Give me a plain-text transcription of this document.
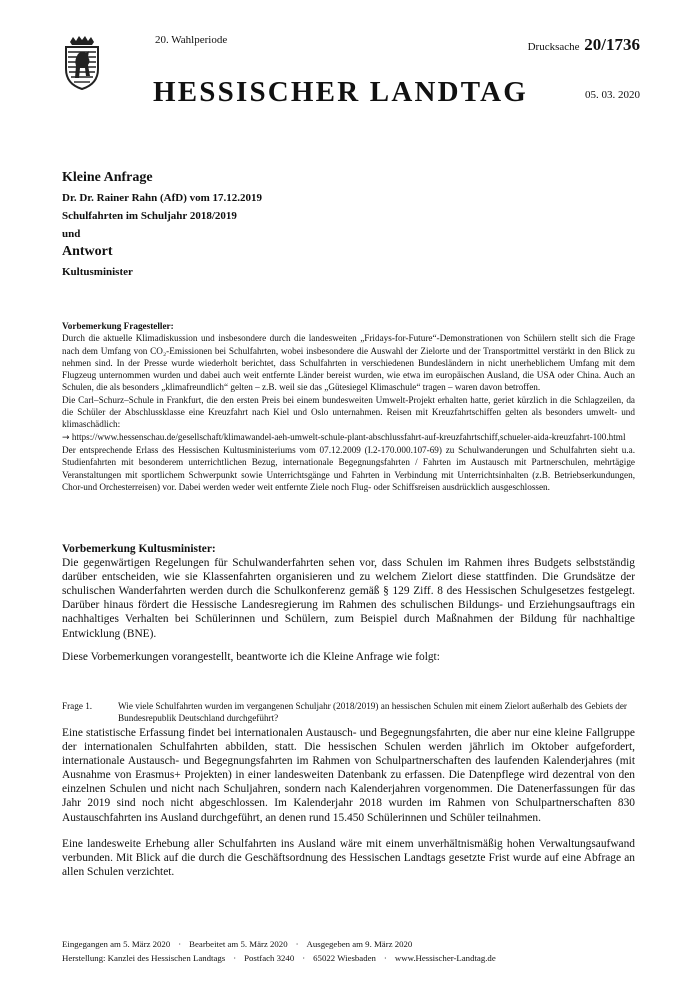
20. Wahlperiode
HESSISCHER LANDTAG
Drucksache 20/1736
05. 03. 2020
Kleine Anfrage
Dr. Dr. Rainer Rahn (AfD) vom 17.12.2019
Schulfahrten im Schuljahr 2018/2019
und
Antwort
Kultusminister

Vorbemerkung Fragesteller:

Durch die aktuelle Klimadiskussion und insbesondere durch die landesweiten „Fridays-for-Future“-Demonstrationen von Schülern stellt sich die Frage nach dem Umfang von CO₂-Emissionen bei Schulfahrten, wobei insbesondere die Auswahl der Zielorte und der Transportmittel verstärkt in den Blick zu nehmen sind. In der Presse wurde wiederholt berichtet, dass Schulfahrten in verschiedenen Bundesländern in nicht unerheblichem Umfang mit dem Flugzeug unternommen wurden und dabei auch weit entfernte Länder bereist wurden, wie etwa im europäischen Ausland, die USA oder China. Auch an Schulen, die als besonders „klimafreundlich“ gelten – z.B. weil sie das „Gütesiegel Klimaschule“ tragen – waren davon betroffen.

Die Carl–Schurz–Schule in Frankfurt, die den ersten Preis bei einem bundesweiten Umwelt-Projekt erhalten hatte, geriet kürzlich in die Schlagzeilen, da die Schüler der Abschlussklasse eine Kreuzfahrt nach Kiel und Oslo unternahmen. Reisen mit Kreuzfahrtschiffen gelten als besonders umwelt- und klimaschädlich:

→ https://www.hessenschau.de/gesellschaft/klimawandel-aeh-umwelt-schule-plant-abschlussfahrt-auf-kreuzfahrtschiff,schueler-aida-kreuzfahrt-100.html

Der entsprechende Erlass des Hessischen Kultusministeriums vom 07.12.2009 (I.2-170.000.107-69) zu Schulwanderungen und Schulfahrten sieht u.a. Studienfahrten mit besonderem unterrichtlichen Bezug, internationale Begegnungsfahrten / Fahrten im Austausch mit Partnerschulen, mehrtägige Veranstaltungen mit sportlichem Schwerpunkt sowie Unterrichtsgänge und Fahrten in Verbindung mit Unterrichtsinhalten (z.B. Betriebserkundungen, Chor-und Orchesterreisen) vor. Dabei werden weder weit entfernte Ziele noch Flug- oder Schiffsreisen ausdrücklich ausgeschlossen.

Vorbemerkung Kultusminister:

Die gegenwärtigen Regelungen für Schulwanderfahrten sehen vor, dass Schulen im Rahmen ihres Budgets selbstständig darüber entscheiden, wie sie Klassenfahrten organisieren und zu welchem Zielort diese stattfinden. Die Grundsätze der schulischen Wanderfahrten werden durch die Schulkonferenz gemäß § 129 Ziff. 8 des Hessischen Schulgesetzes festgelegt. Darüber hinaus fördert die Hessische Landesregierung im Rahmen des schulischen Bildungs- und Erziehungsauftrags ein nachhaltiges Verhalten bei Schülerinnen und Schülern, zum Beispiel durch Maßnahmen der Bildung für nachhaltige Entwicklung (BNE).

Diese Vorbemerkungen vorangestellt, beantworte ich die Kleine Anfrage wie folgt:

Frage 1.	Wie viele Schulfahrten wurden im vergangenen Schuljahr (2018/2019) an hessischen Schulen mit einem Zielort außerhalb des Gebiets der Bundesrepublik Deutschland durchgeführt?

Eine statistische Erfassung findet bei internationalen Austausch- und Begegnungsfahrten, die aber nur eine kleine Fallgruppe der internationalen Schulfahrten abbilden, statt. Die hessischen Schulen werden jährlich im Oktober aufgefordert, internationale Austausch- und Begegnungsfahrten im Rahmen von Schulpartnerschaften des laufenden Kalenderjahres (mit Ausnahme von Erasmus+ Projekten) in einer landesweiten Datenbank zu erfassen. Die Datenpflege wird dezentral von den einzelnen Schulen und nicht nach Schuljahren, sondern nach Kalenderjahren vorgenommen. Die Datenerfassungen für das Jahr 2019 sind noch nicht abgeschlossen. Im Kalenderjahr 2018 wurden im Rahmen von Schulpartnerschaften 830 Austauschfahrten ins Ausland durchgeführt, an denen rund 15.450 Schülerinnen und Schüler teilnahmen.

Eine landesweite Erhebung aller Schulfahrten ins Ausland wäre mit einem unverhältnismäßig hohen Verwaltungsaufwand verbunden. Mit Blick auf die durch die Geschäftsordnung des Hessischen Landtags gesetzte Frist wurde auf eine Abfrage an allen Schulen verzichtet.

Eingegangen am 5. März 2020 · Bearbeitet am 5. März 2020 · Ausgegeben am 9. März 2020
Herstellung: Kanzlei des Hessischen Landtags · Postfach 3240 · 65022 Wiesbaden · www.Hessischer-Landtag.de
